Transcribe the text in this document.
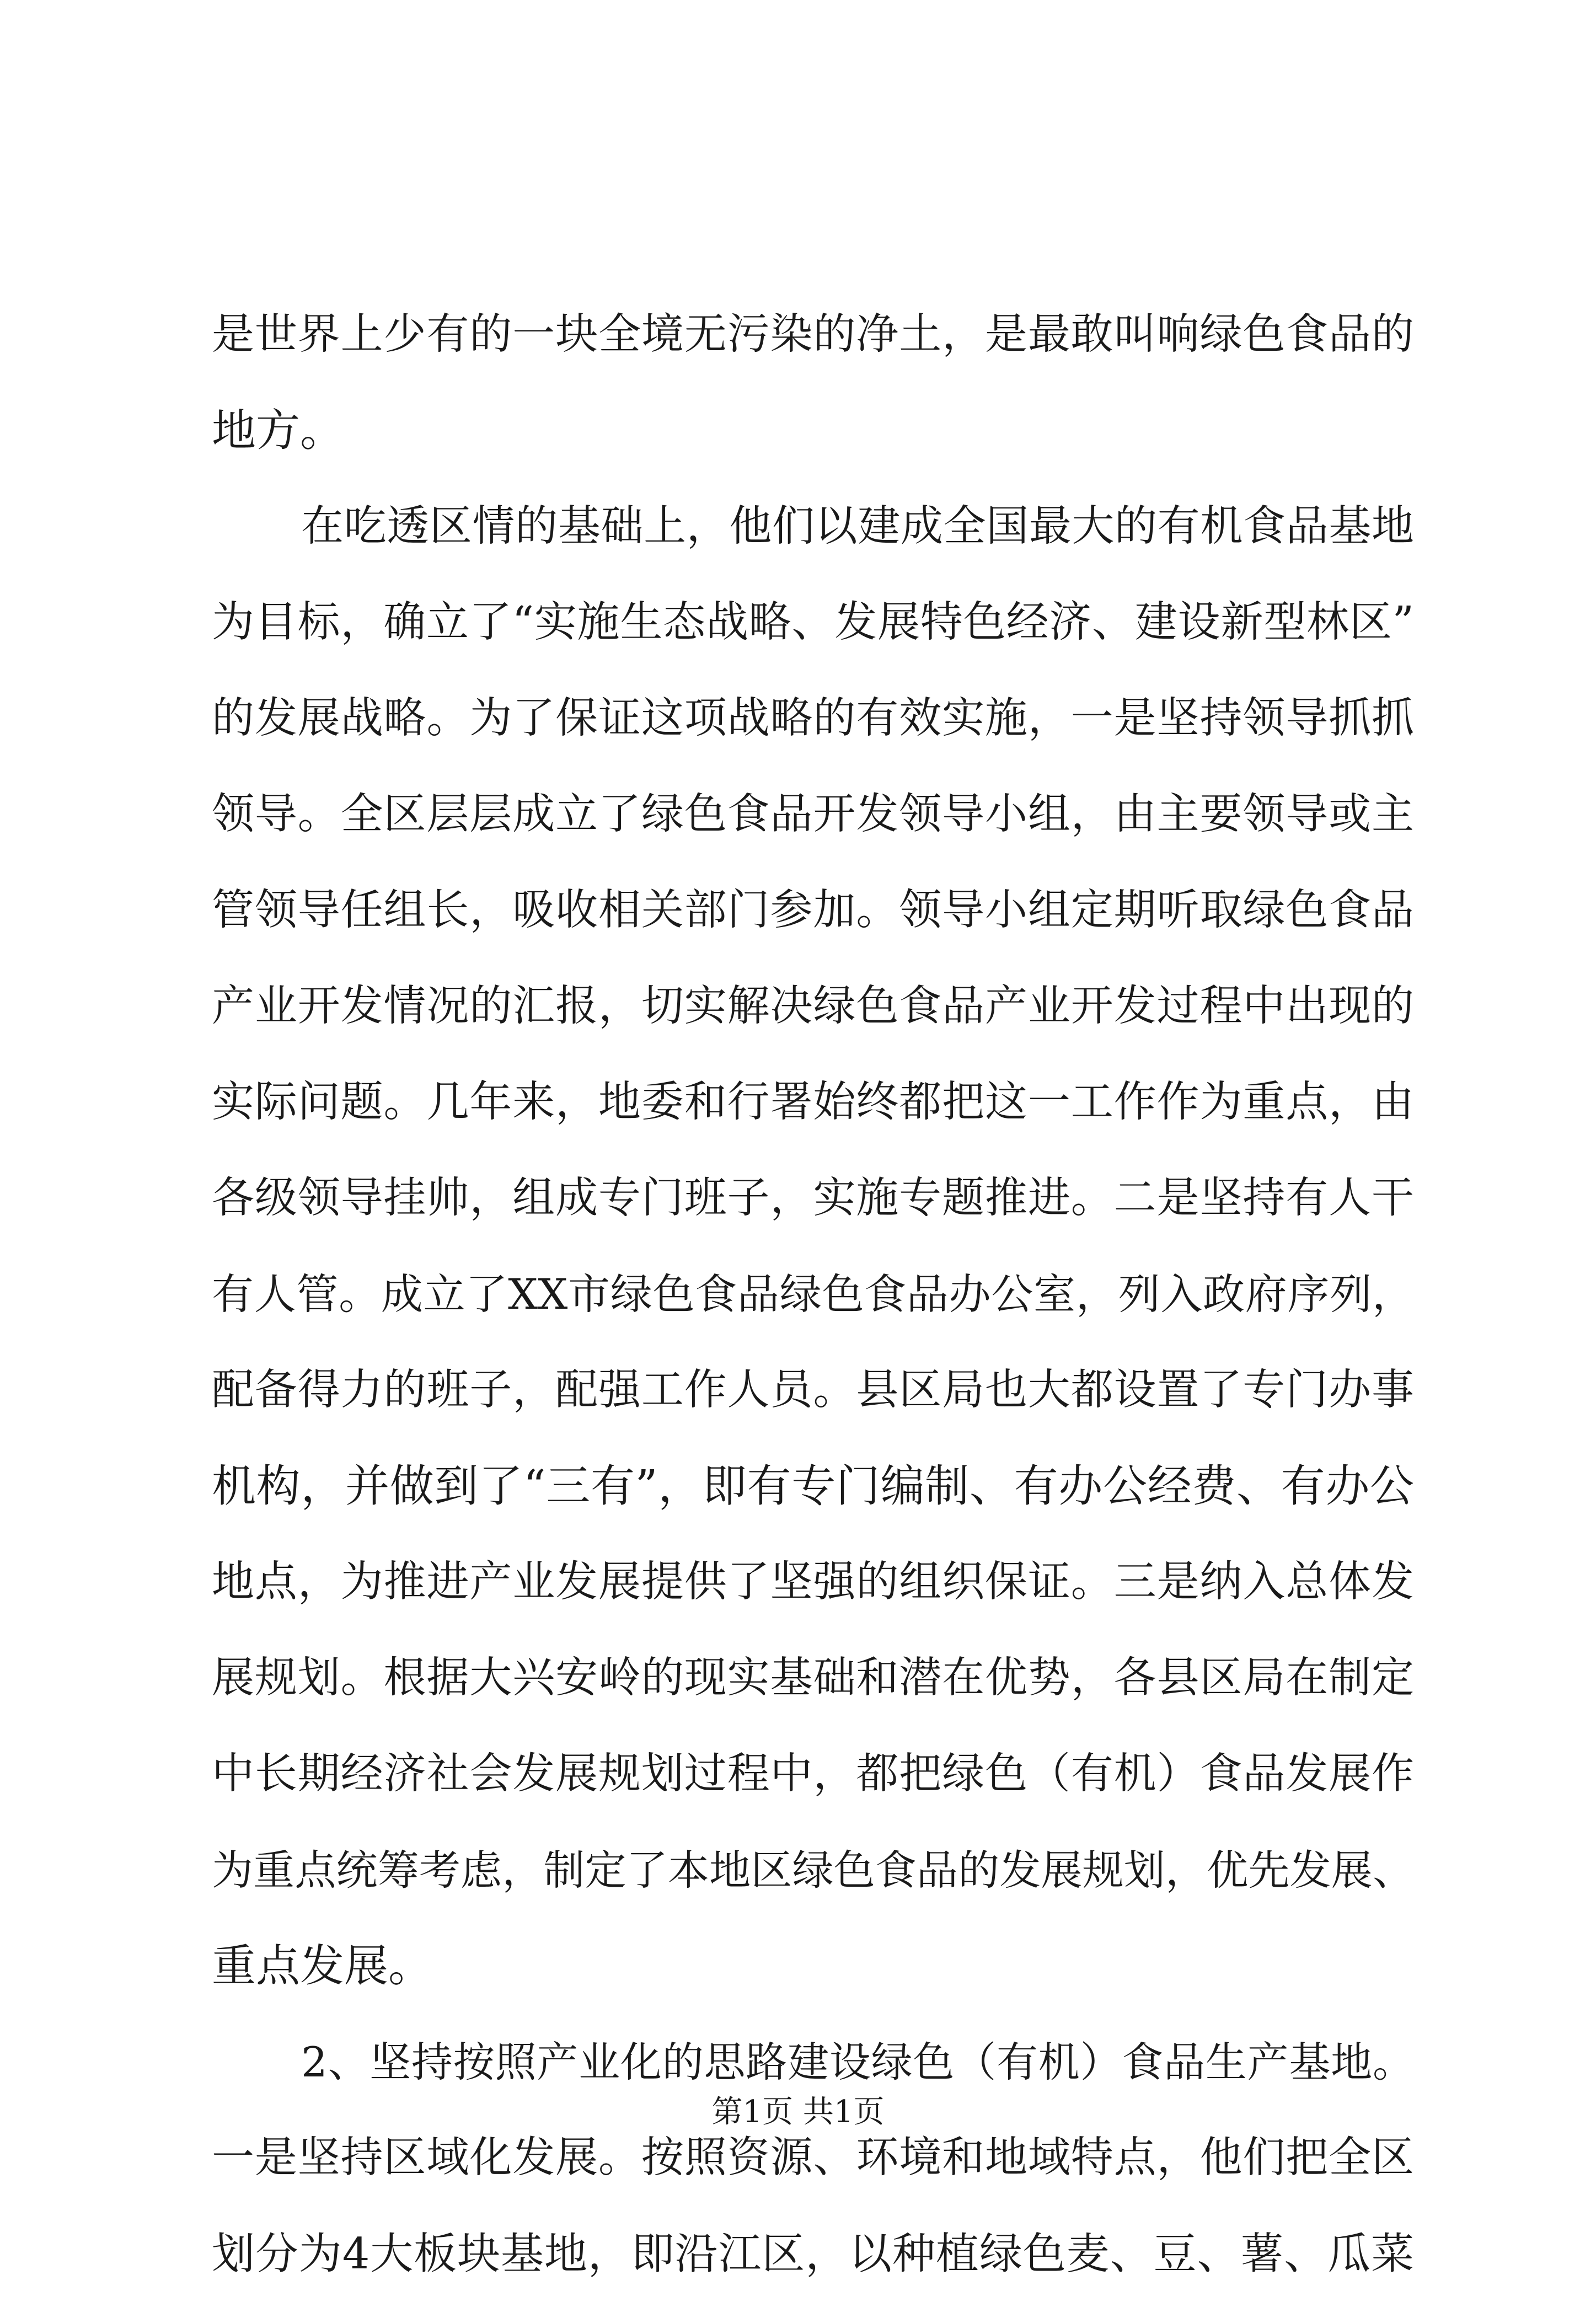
是世界上少有的一块全境无污染的净土，是最敢叫响绿色食品的
地方。
在吃透区情的基础上，他们以建成全国最大的有机食品基地
为目标，确立了“实施生态战略、发展特色经济、建设新型林区”
的发展战略。为了保证这项战略的有效实施，一是坚持领导抓抓
领导。全区层层成立了绿色食品开发领导小组，由主要领导或主
管领导任组长，吸收相关部门参加。领导小组定期听取绿色食品
产业开发情况的汇报，切实解决绿色食品产业开发过程中出现的
实际问题。几年来，地委和行署始终都把这一工作作为重点，由
各级领导挂帅，组成专门班子，实施专题推进。二是坚持有人干
有人管。成立了XX市绿色食品绿色食品办公室，列入政府序列，
配备得力的班子，配强工作人员。县区局也大都设置了专门办事
机构，并做到了“三有”，即有专门编制、有办公经费、有办公
地点，为推进产业发展提供了坚强的组织保证。三是纳入总体发
展规划。根据大兴安岭的现实基础和潜在优势，各县区局在制定
中长期经济社会发展规划过程中，都把绿色（有机）食品发展作
为重点统筹考虑，制定了本地区绿色食品的发展规划，优先发展、
重点发展。
2、坚持按照产业化的思路建设绿色（有机）食品生产基地。
一是坚持区域化发展。按照资源、环境和地域特点，他们把全区
划分为4大板块基地，即沿江区，以种植绿色麦、豆、薯、瓜菜
第1页 共1页
